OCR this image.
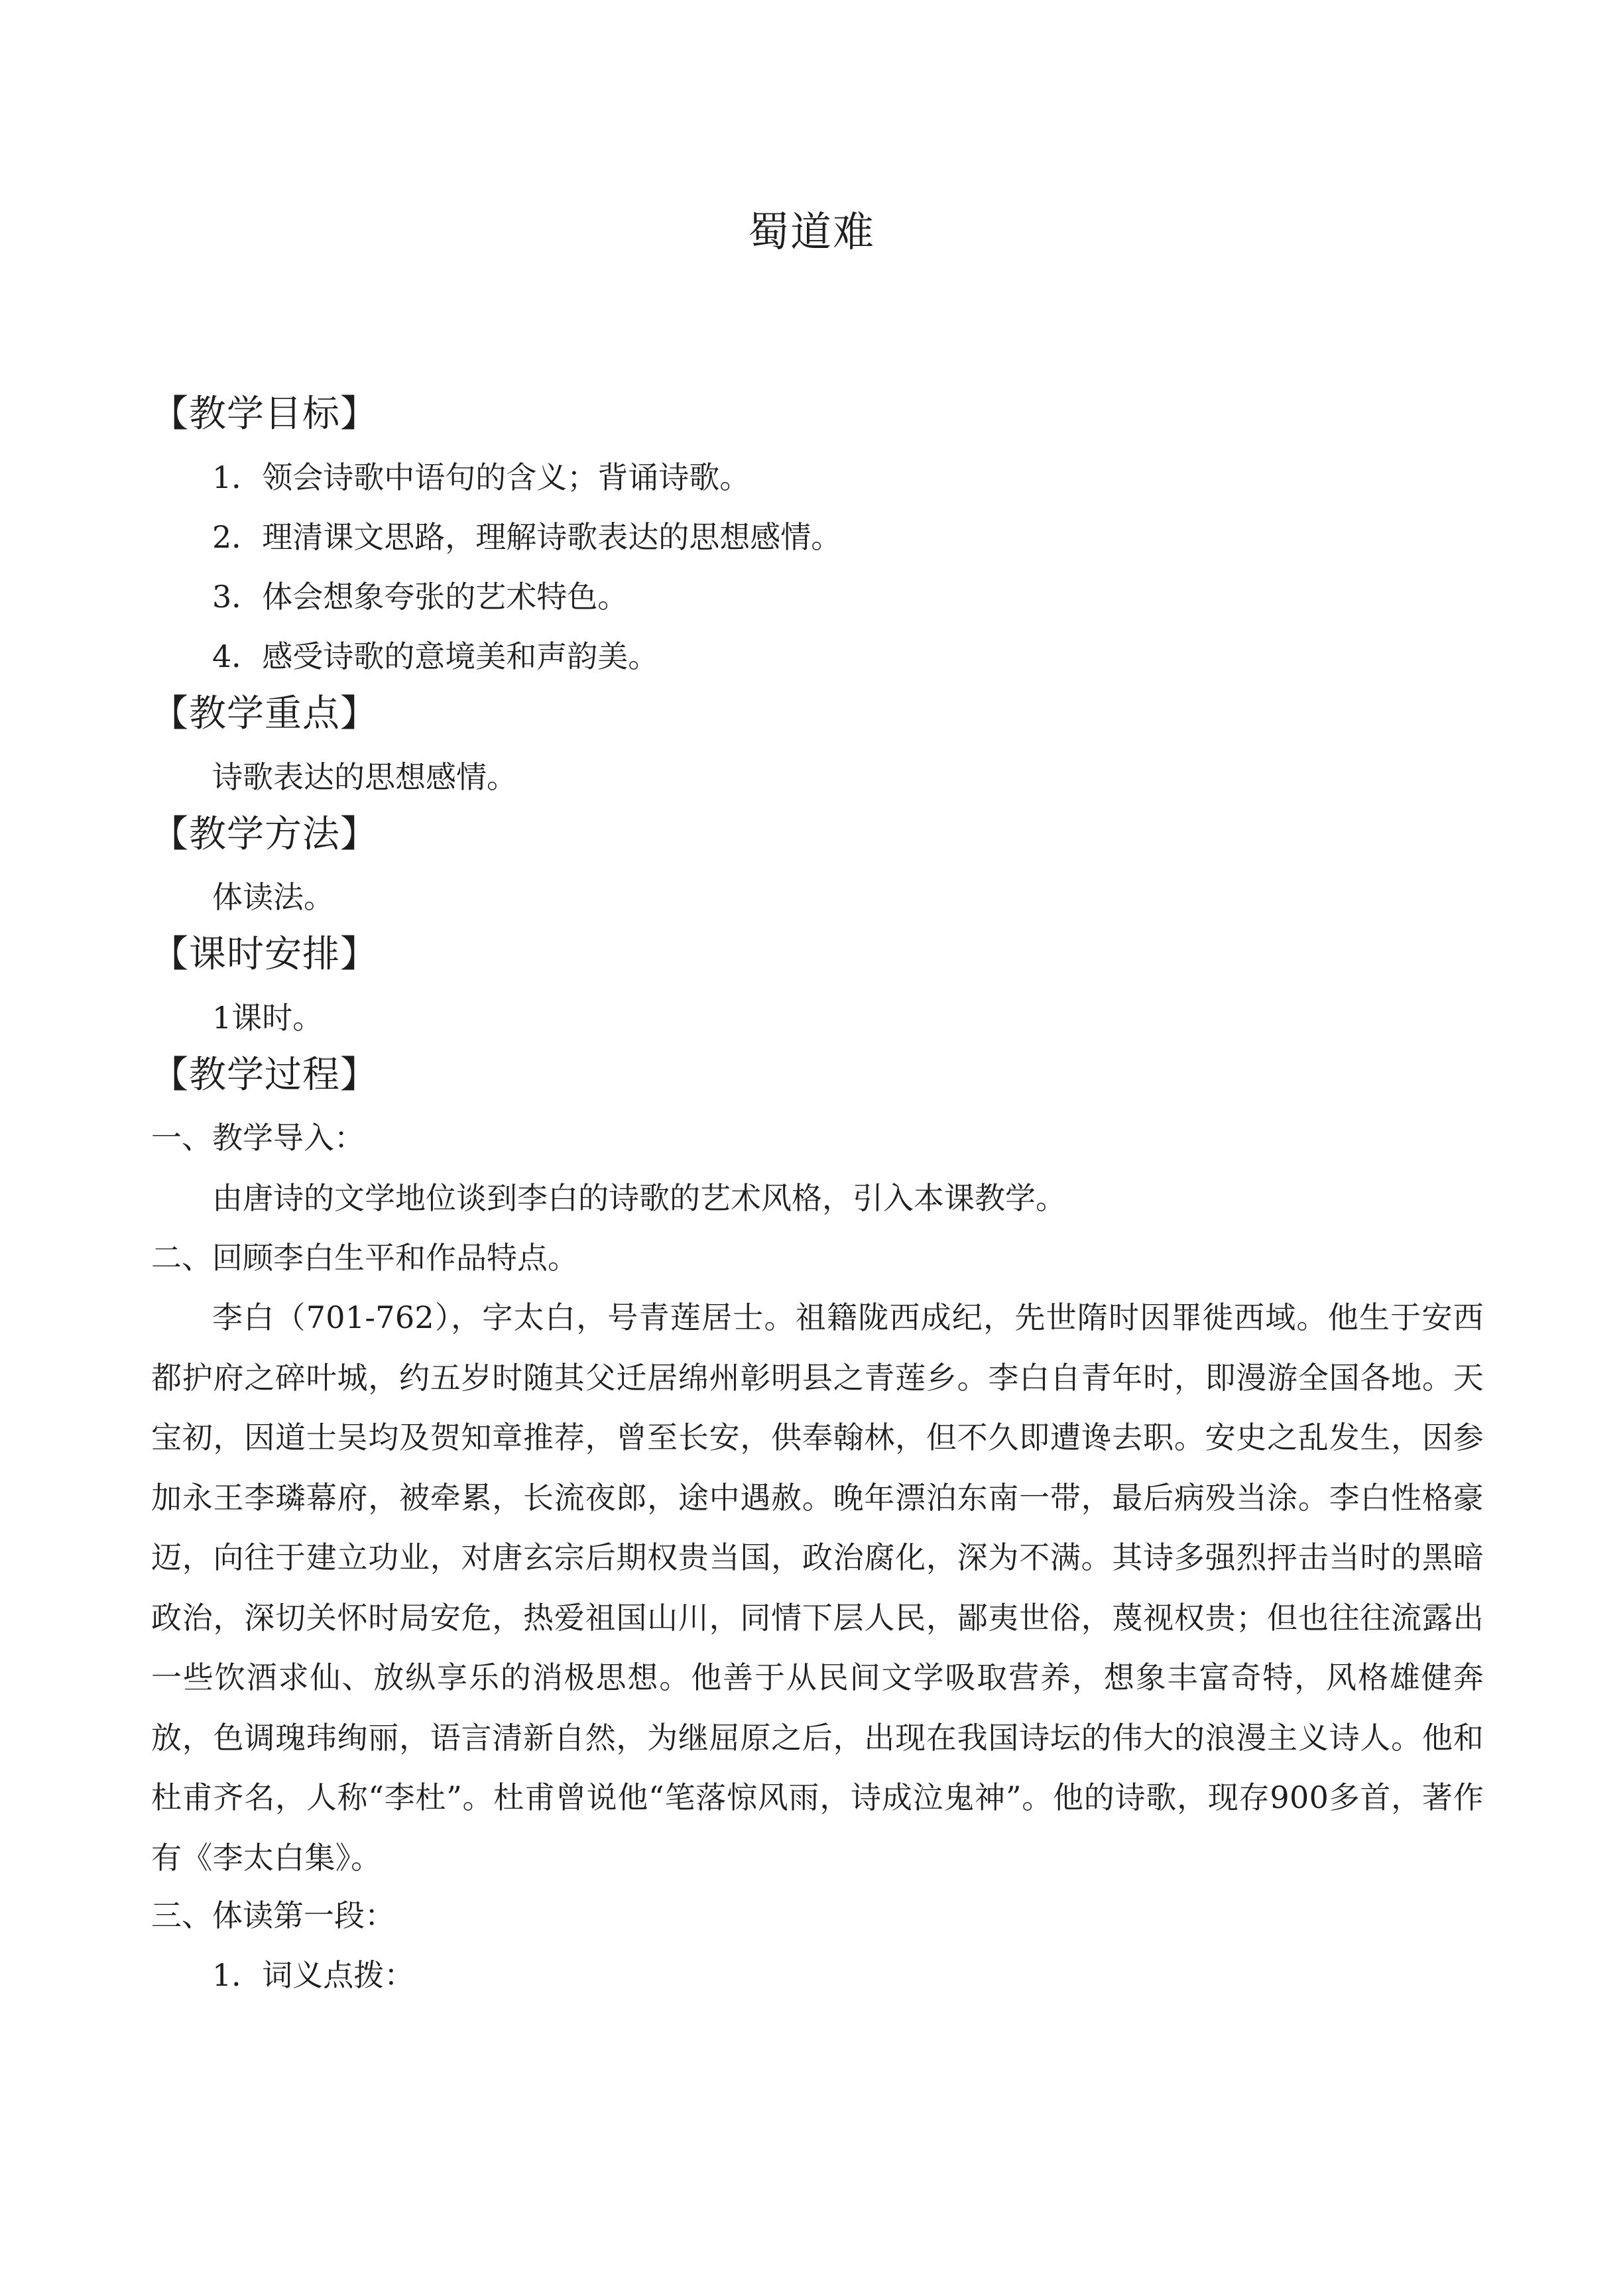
蜀道难
【教学目标】
1．领会诗歌中语句的含义；背诵诗歌。
2．理清课文思路，理解诗歌表达的思想感情。
3．体会想象夸张的艺术特色。
4．感受诗歌的意境美和声韵美。
【教学重点】
诗歌表达的思想感情。
【教学方法】
体读法。
【课时安排】
1课时。
【教学过程】
一、教学导入：
由唐诗的文学地位谈到李白的诗歌的艺术风格，引入本课教学。
二、回顾李白生平和作品特点。
李白（701-762），字太白，号青莲居士。祖籍陇西成纪，先世隋时因罪徙西域。他生于安西都护府之碎叶城，约五岁时随其父迁居绵州彰明县之青莲乡。李白自青年时，即漫游全国各地。天宝初，因道士吴均及贺知章推荐，曾至长安，供奉翰林，但不久即遭谗去职。安史之乱发生，因参加永王李璘幕府，被牵累，长流夜郎，途中遇赦。晚年漂泊东南一带，最后病殁当涂。李白性格豪迈，向往于建立功业，对唐玄宗后期权贵当国，政治腐化，深为不满。其诗多强烈抨击当时的黑暗政治，深切关怀时局安危，热爱祖国山川，同情下层人民，鄙夷世俗，蔑视权贵；但也往往流露出一些饮酒求仙、放纵享乐的消极思想。他善于从民间文学吸取营养，想象丰富奇特，风格雄健奔放，色调瑰玮绚丽，语言清新自然，为继屈原之后，出现在我国诗坛的伟大的浪漫主义诗人。他和杜甫齐名，人称“李杜”。杜甫曾说他“笔落惊风雨，诗成泣鬼神”。他的诗歌，现存900多首，著作有《李太白集》。
三、体读第一段：
1．词义点拨：
